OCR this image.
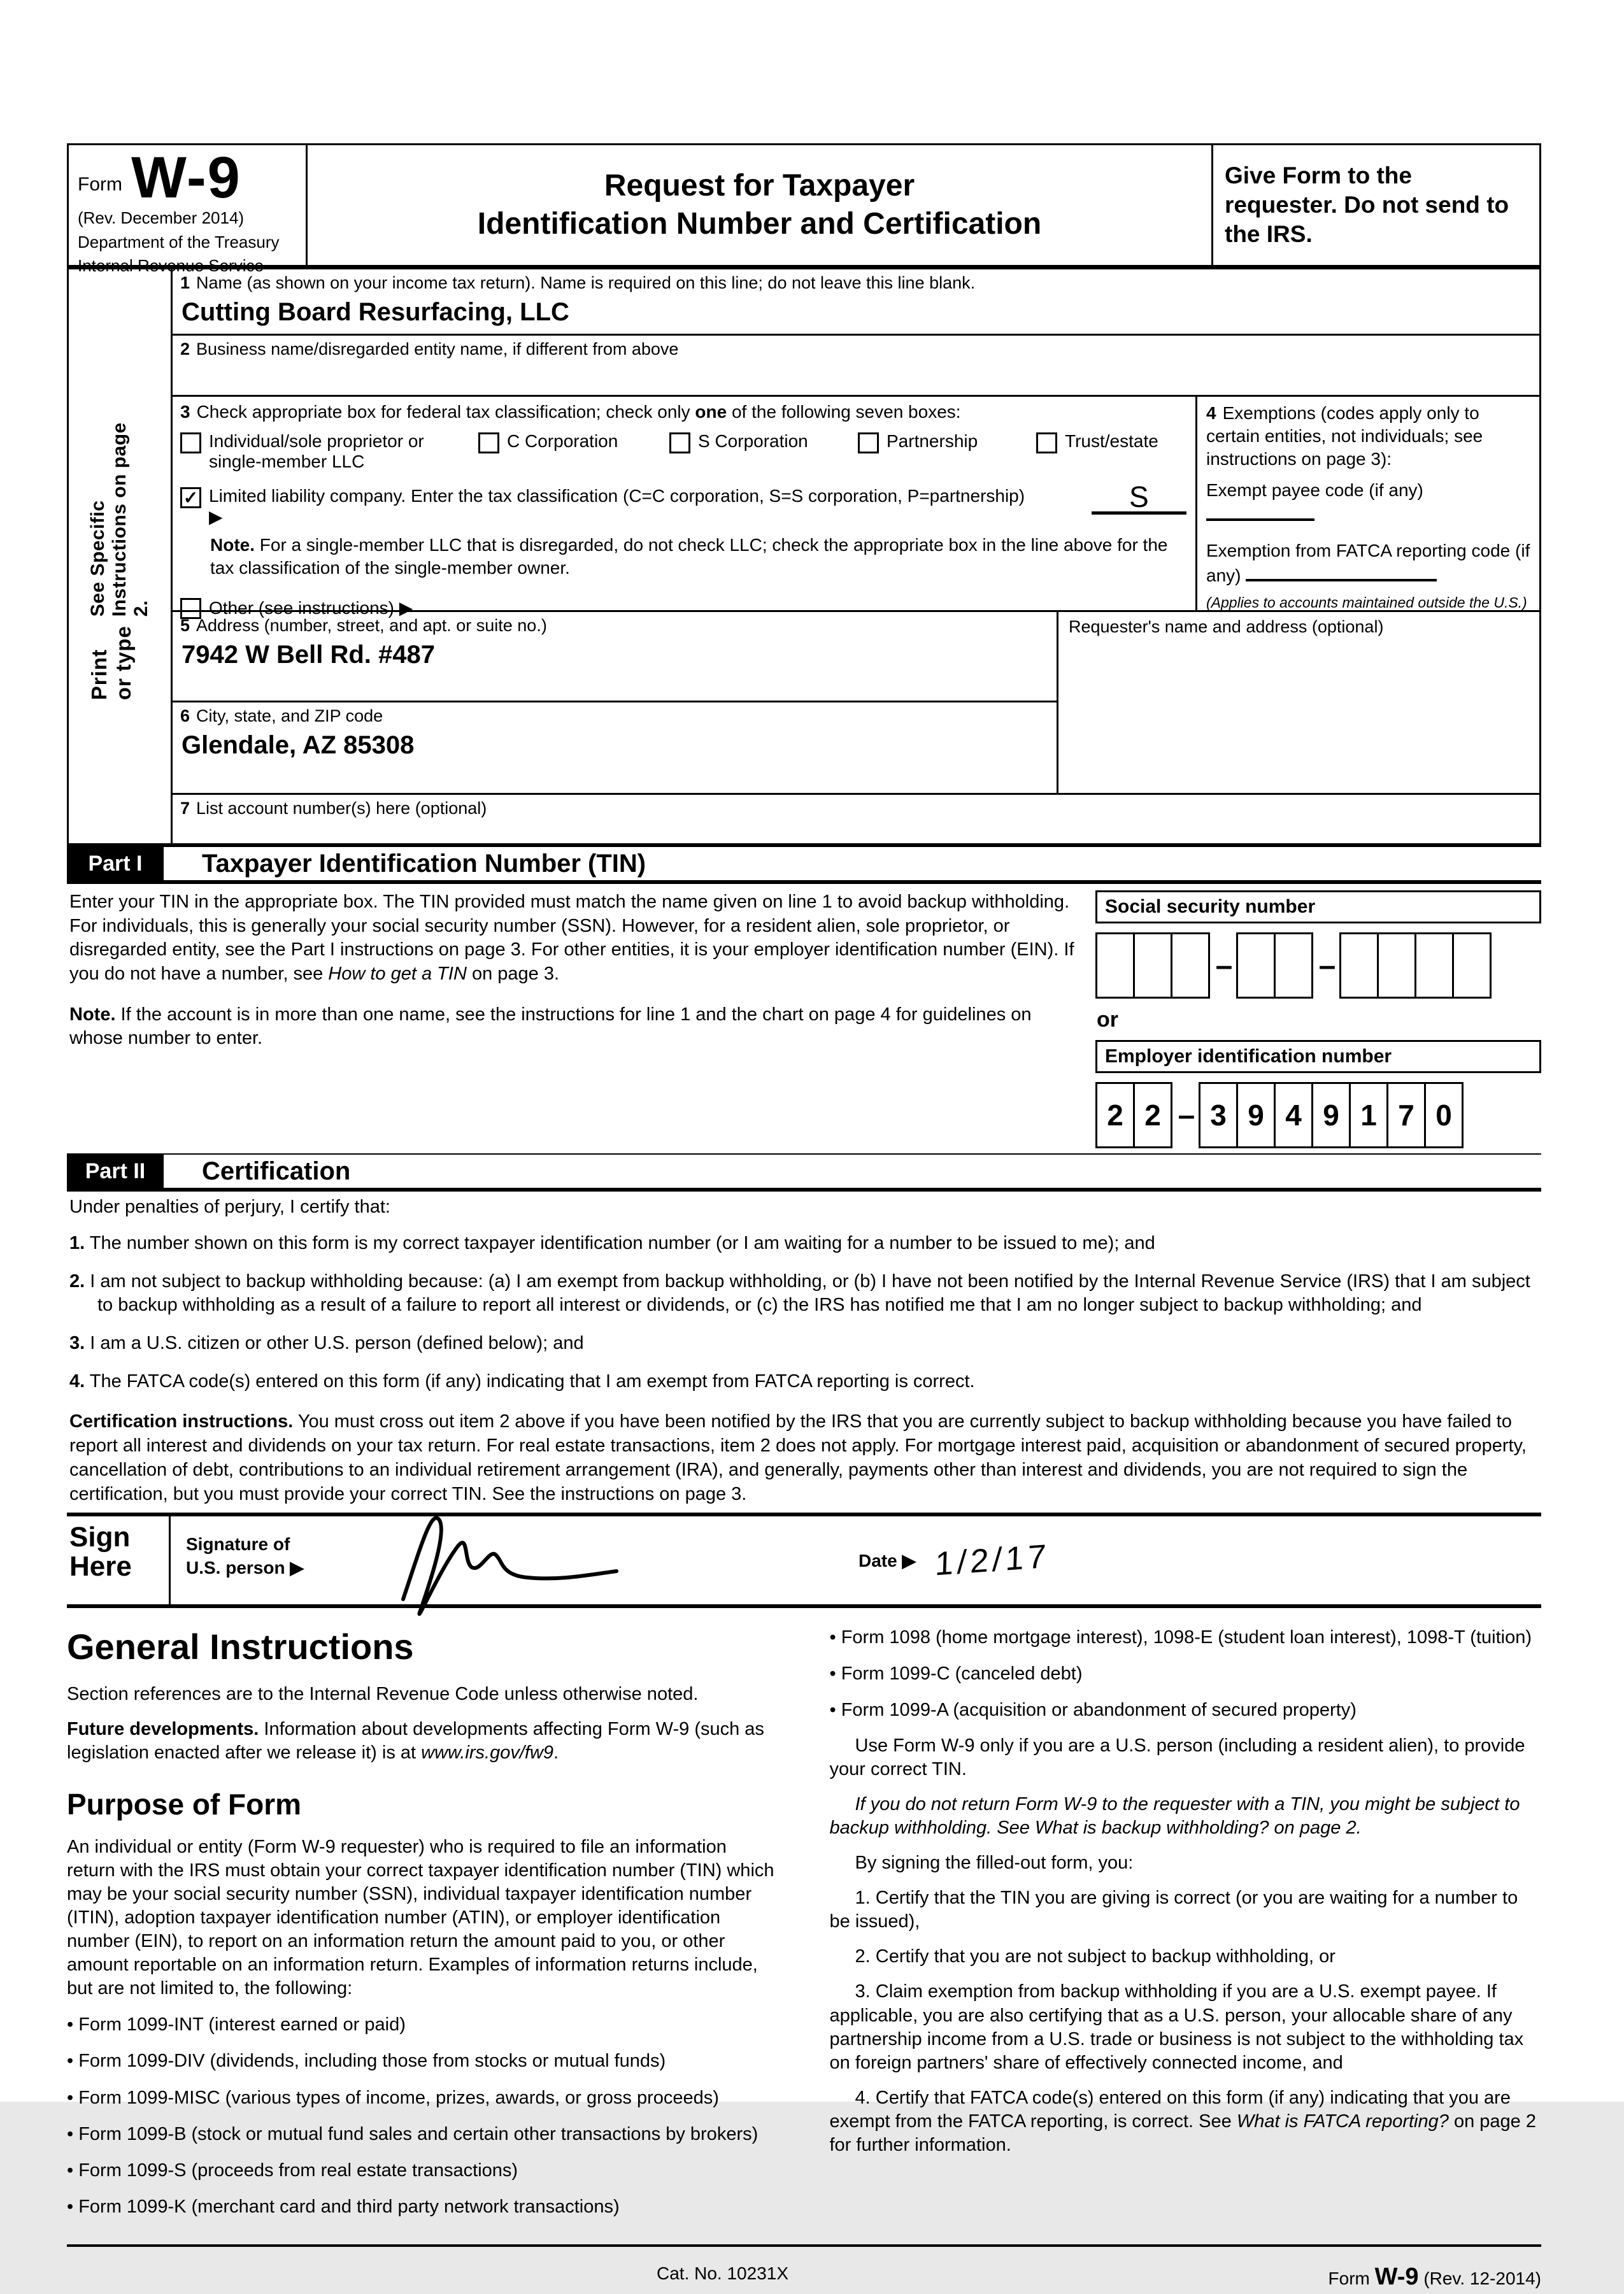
Form W-9
(Rev. December 2014)
Department of the Treasury
Internal Revenue Service
Request for Taxpayer
Identification Number and Certification
Give Form to the requester. Do not send to the IRS.
Print or type
See Specific Instructions on page 2.
1 Name (as shown on your income tax return). Name is required on this line; do not leave this line blank.
Cutting Board Resurfacing, LLC
2 Business name/disregarded entity name, if different from above
3 Check appropriate box for federal tax classification; check only one of the following seven boxes:
Individual/sole proprietor or single-member LLC
C Corporation	S Corporation	Partnership	Trust/estate
✓ Limited liability company. Enter the tax classification (C=C corporation, S=S corporation, P=partnership) ▶
S
Note. For a single-member LLC that is disregarded, do not check LLC; check the appropriate box in the line above for the tax classification of the single-member owner.
Other (see instructions) ▶
4 Exemptions (codes apply only to certain entities, not individuals; see instructions on page 3):
Exempt payee code (if any)
Exemption from FATCA reporting code (if any)
(Applies to accounts maintained outside the U.S.)
5 Address (number, street, and apt. or suite no.)
7942 W Bell Rd. #487
6 City, state, and ZIP code
Glendale, AZ 85308
Requester's name and address (optional)
7 List account number(s) here (optional)
Part I	Taxpayer Identification Number (TIN)

Enter your TIN in the appropriate box. The TIN provided must match the name given on line 1 to avoid backup withholding. For individuals, this is generally your social security number (SSN). However, for a resident alien, sole proprietor, or disregarded entity, see the Part I instructions on page 3. For other entities, it is your employer identification number (EIN). If you do not have a number, see How to get a TIN on page 3.

Note. If the account is in more than one name, see the instructions for line 1 and the chart on page 4 for guidelines on whose number to enter.

Social security number
–	–
or
Employer identification number
2 2 – 3 9 4 9 1 7 0
Part II	Certification

Under penalties of perjury, I certify that:

1. The number shown on this form is my correct taxpayer identification number (or I am waiting for a number to be issued to me); and

2. I am not subject to backup withholding because: (a) I am exempt from backup withholding, or (b) I have not been notified by the Internal Revenue Service (IRS) that I am subject to backup withholding as a result of a failure to report all interest or dividends, or (c) the IRS has notified me that I am no longer subject to backup withholding; and

3. I am a U.S. citizen or other U.S. person (defined below); and

4. The FATCA code(s) entered on this form (if any) indicating that I am exempt from FATCA reporting is correct.

Certification instructions. You must cross out item 2 above if you have been notified by the IRS that you are currently subject to backup withholding because you have failed to report all interest and dividends on your tax return. For real estate transactions, item 2 does not apply. For mortgage interest paid, acquisition or abandonment of secured property, cancellation of debt, contributions to an individual retirement arrangement (IRA), and generally, payments other than interest and dividends, you are not required to sign the certification, but you must provide your correct TIN. See the instructions on page 3.

Sign
Here
Signature of
U.S. person ▶	Date ▶ 1/2/17
General Instructions

Section references are to the Internal Revenue Code unless otherwise noted.

Future developments. Information about developments affecting Form W-9 (such as legislation enacted after we release it) is at www.irs.gov/fw9.

Purpose of Form

An individual or entity (Form W-9 requester) who is required to file an information return with the IRS must obtain your correct taxpayer identification number (TIN) which may be your social security number (SSN), individual taxpayer identification number (ITIN), adoption taxpayer identification number (ATIN), or employer identification number (EIN), to report on an information return the amount paid to you, or other amount reportable on an information return. Examples of information returns include, but are not limited to, the following:

• Form 1099-INT (interest earned or paid)

• Form 1099-DIV (dividends, including those from stocks or mutual funds)

• Form 1099-MISC (various types of income, prizes, awards, or gross proceeds)

• Form 1099-B (stock or mutual fund sales and certain other transactions by brokers)

• Form 1099-S (proceeds from real estate transactions)

• Form 1099-K (merchant card and third party network transactions)

• Form 1098 (home mortgage interest), 1098-E (student loan interest), 1098-T (tuition)

• Form 1099-C (canceled debt)

• Form 1099-A (acquisition or abandonment of secured property)

Use Form W-9 only if you are a U.S. person (including a resident alien), to provide your correct TIN.

If you do not return Form W-9 to the requester with a TIN, you might be subject to backup withholding. See What is backup withholding? on page 2.

By signing the filled-out form, you:

1. Certify that the TIN you are giving is correct (or you are waiting for a number to be issued),

2. Certify that you are not subject to backup withholding, or

3. Claim exemption from backup withholding if you are a U.S. exempt payee. If applicable, you are also certifying that as a U.S. person, your allocable share of any partnership income from a U.S. trade or business is not subject to the withholding tax on foreign partners' share of effectively connected income, and

4. Certify that FATCA code(s) entered on this form (if any) indicating that you are exempt from the FATCA reporting, is correct. See What is FATCA reporting? on page 2 for further information.

Cat. No. 10231X	Form W-9 (Rev. 12-2014)
